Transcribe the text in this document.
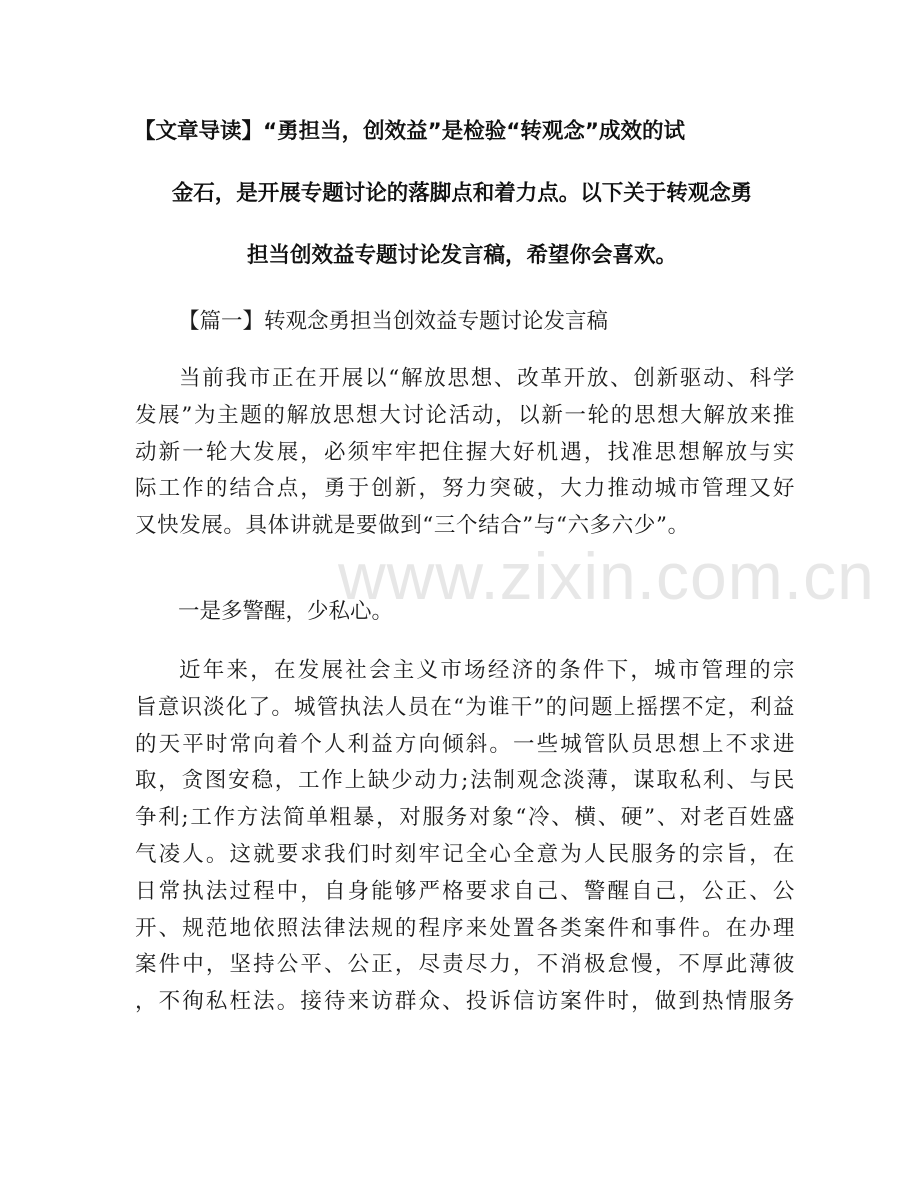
【文章导读】“勇担当，创效益”是检验“转观念”成效的试
金石，是开展专题讨论的落脚点和着力点。以下关于转观念勇
担当创效益专题讨论发言稿，希望你会喜欢。
【篇一】转观念勇担当创效益专题讨论发言稿
当前我市正在开展以“解放思想、改革开放、创新驱动、科学
发展”为主题的解放思想大讨论活动，以新一轮的思想大解放来推
动新一轮大发展，必须牢牢把住握大好机遇，找准思想解放与实
际工作的结合点，勇于创新，努力突破，大力推动城市管理又好
又快发展。具体讲就是要做到“三个结合”与“六多六少”。
一是多警醒，少私心。
近年来，在发展社会主义市场经济的条件下，城市管理的宗
旨意识淡化了。城管执法人员在“为谁干”的问题上摇摆不定，利益
的天平时常向着个人利益方向倾斜。一些城管队员思想上不求进
取，贪图安稳，工作上缺少动力;法制观念淡薄，谋取私利、与民
争利;工作方法简单粗暴，对服务对象“冷、横、硬”、对老百姓盛
气凌人。这就要求我们时刻牢记全心全意为人民服务的宗旨，在
日常执法过程中，自身能够严格要求自己、警醒自己，公正、公
开、规范地依照法律法规的程序来处置各类案件和事件。在办理
案件中，坚持公平、公正，尽责尽力，不消极怠慢，不厚此薄彼
，不徇私枉法。接待来访群众、投诉信访案件时，做到热情服务
www.zixin.com.cn
